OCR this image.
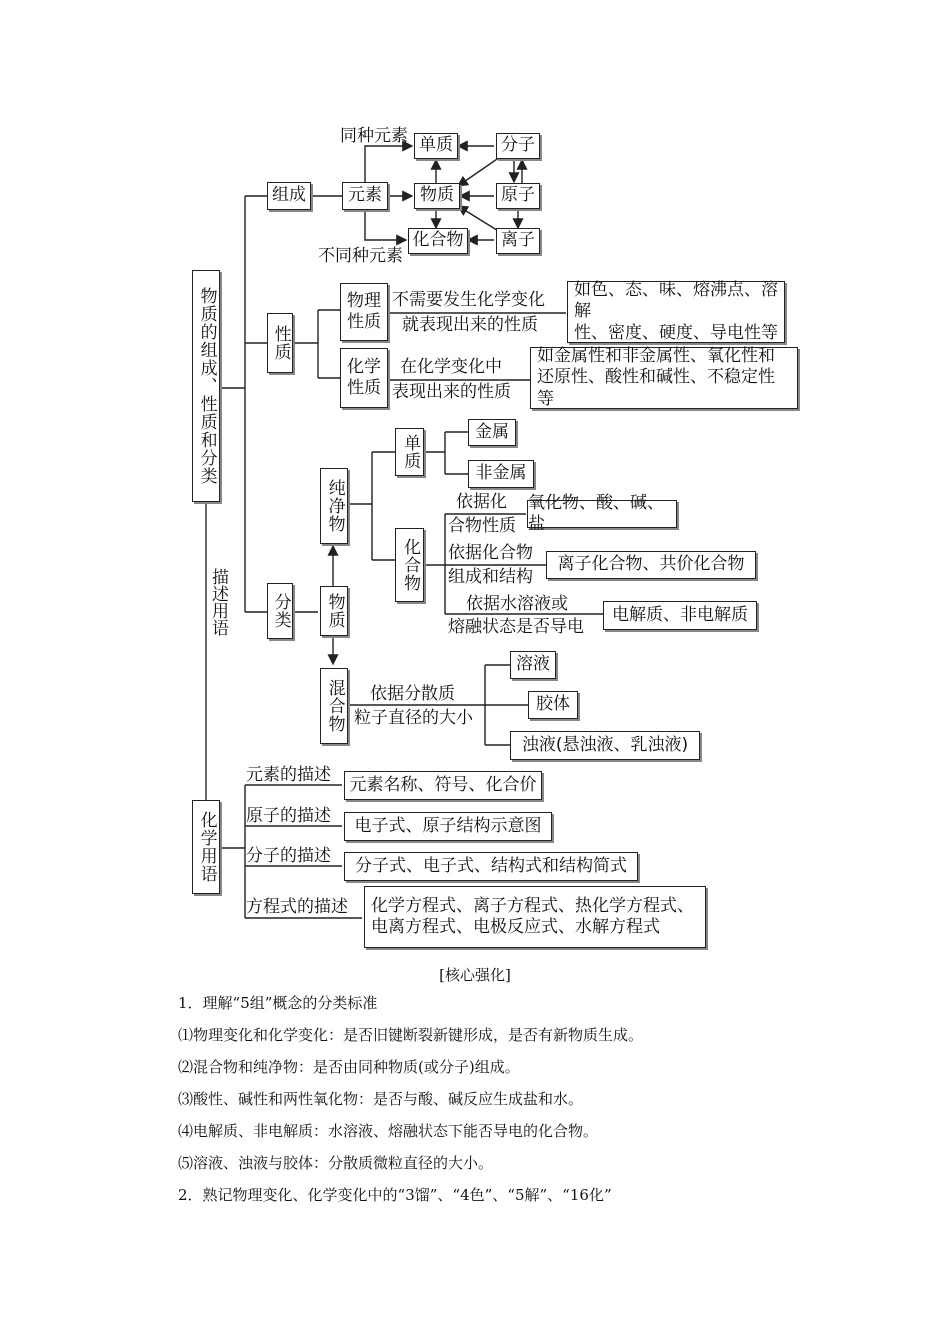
物质的组成、性质和分类
描述用语
化学用语
组成
同种元素
元素
不同种元素
单质
物质
化合物
分子
原子
离子
性质
物理性质
不需要发生化学变化
就表现出来的性质
如色、态、味、熔沸点、溶解
性、密度、硬度、导电性等
化学性质
在化学变化中
表现出来的性质
如金属性和非金属性、氧化性和
还原性、酸性和碱性、不稳定性等
分类 物质
纯净物
单质
金属
非金属
化合物
依据化
合物性质
氧化物、酸、碱、盐
依据化合物
组成和结构
离子化合物、共价化合物
依据水溶液或
熔融状态是否导电
电解质、非电解质
混合物 依据分散质
粒子直径的大小
溶液
胶体
浊液(悬浊液、乳浊液)
元素的描述	元素名称、符号、化合价
原子的描述	电子式、原子结构示意图
分子的描述	分子式、电子式、结构式和结构简式
方程式的描述 化学方程式、离子方程式、热化学方程式、
电离方程式、电极反应式、水解方程式
[核心强化]

1．理解“5组”概念的分类标准

⑴物理变化和化学变化：是否旧键断裂新键形成，是否有新物质生成。

⑵混合物和纯净物：是否由同种物质(或分子)组成。

⑶酸性、碱性和两性氧化物：是否与酸、碱反应生成盐和水。

⑷电解质、非电解质：水溶液、熔融状态下能否导电的化合物。

⑸溶液、浊液与胶体：分散质微粒直径的大小。

2．熟记物理变化、化学变化中的“3馏”、“4色”、“5解”、“16化”
